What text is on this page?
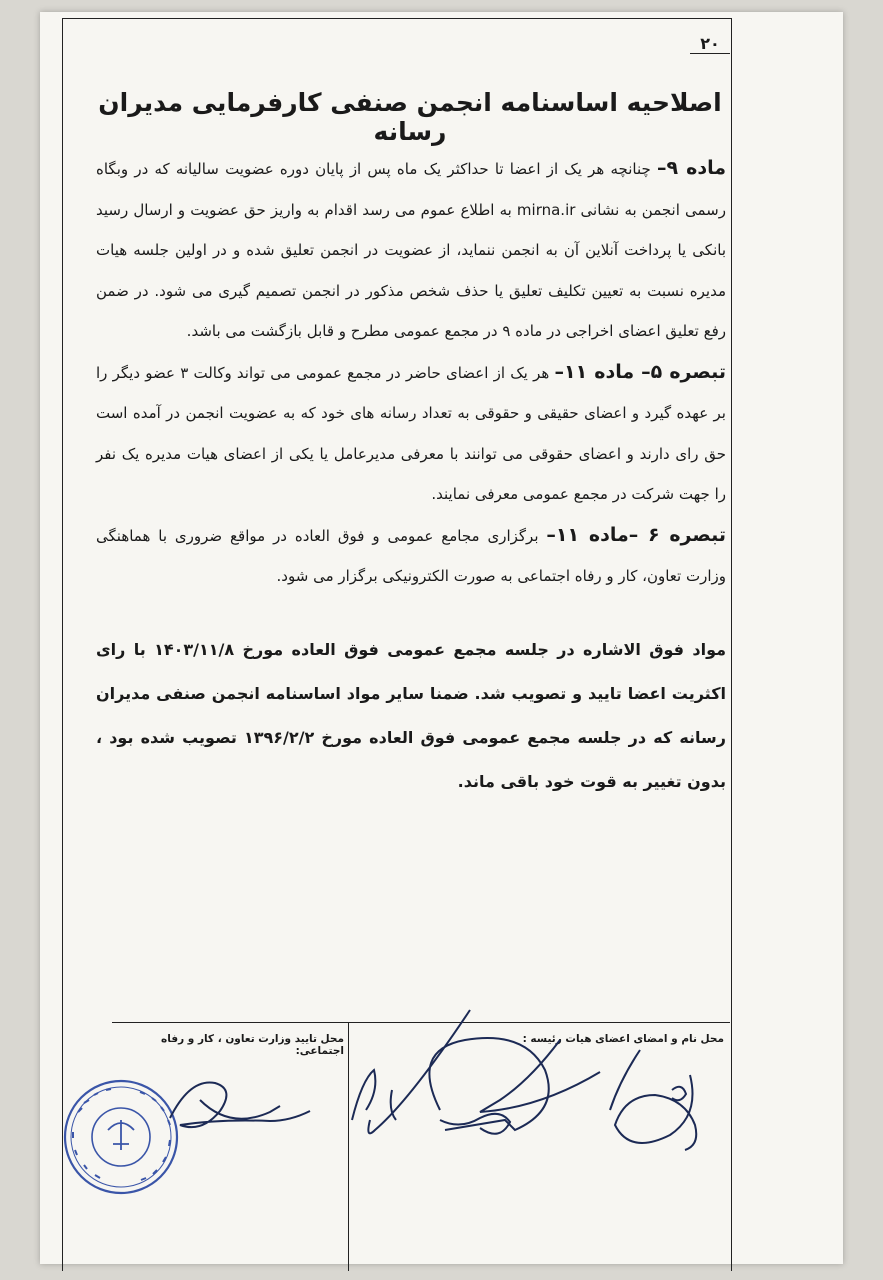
۲۰
اصلاحیه اساسنامه انجمن صنفی کارفرمایی مدیران رسانه

ماده ۹– چنانچه هر یک از اعضا تا حداکثر یک ماه پس از پایان دوره عضویت سالیانه که در وبگاه رسمی انجمن به نشانی mirna.ir به اطلاع عموم می رسد اقدام به واریز حق عضویت و ارسال رسید بانکی یا پرداخت آنلاین آن به انجمن ننماید، از عضویت در انجمن تعلیق شده و در اولین جلسه هیات مدیره نسبت به تعیین تکلیف تعلیق یا حذف شخص مذکور در انجمن تصمیم گیری می شود. در ضمن رفع تعلیق اعضای اخراجی در ماده ۹ در مجمع عمومی مطرح و قابل بازگشت می باشد.

تبصره ۵– ماده ۱۱– هر یک از اعضای حاضر در مجمع عمومی می تواند وکالت ۳ عضو دیگر را بر عهده گیرد و اعضای حقیقی و حقوقی به تعداد رسانه های خود که به عضویت انجمن در آمده است حق رای دارند و اعضای حقوقی می توانند با معرفی مدیرعامل یا یکی از اعضای هیات مدیره یک نفر را جهت شرکت در مجمع عمومی معرفی نمایند.

تبصره ۶ –ماده ۱۱– برگزاری مجامع عمومی و فوق العاده در مواقع ضروری با هماهنگی وزارت تعاون، کار و رفاه اجتماعی به صورت الکترونیکی برگزار می شود.

مواد فوق الاشاره در جلسه مجمع عمومی فوق العاده مورخ ۱۴۰۳/۱۱/۸ با رای اکثریت اعضا تایید و تصویب شد. ضمنا سایر مواد اساسنامه انجمن صنفی مدیران رسانه که در جلسه مجمع عمومی فوق العاده مورخ ۱۳۹۶/۲/۲ تصویب شده بود ، بدون تغییر به قوت خود باقی ماند.
محل تایید وزارت تعاون ، کار و رفاه اجتماعی:
محل نام و امضای اعضای هیات رئیسه :
